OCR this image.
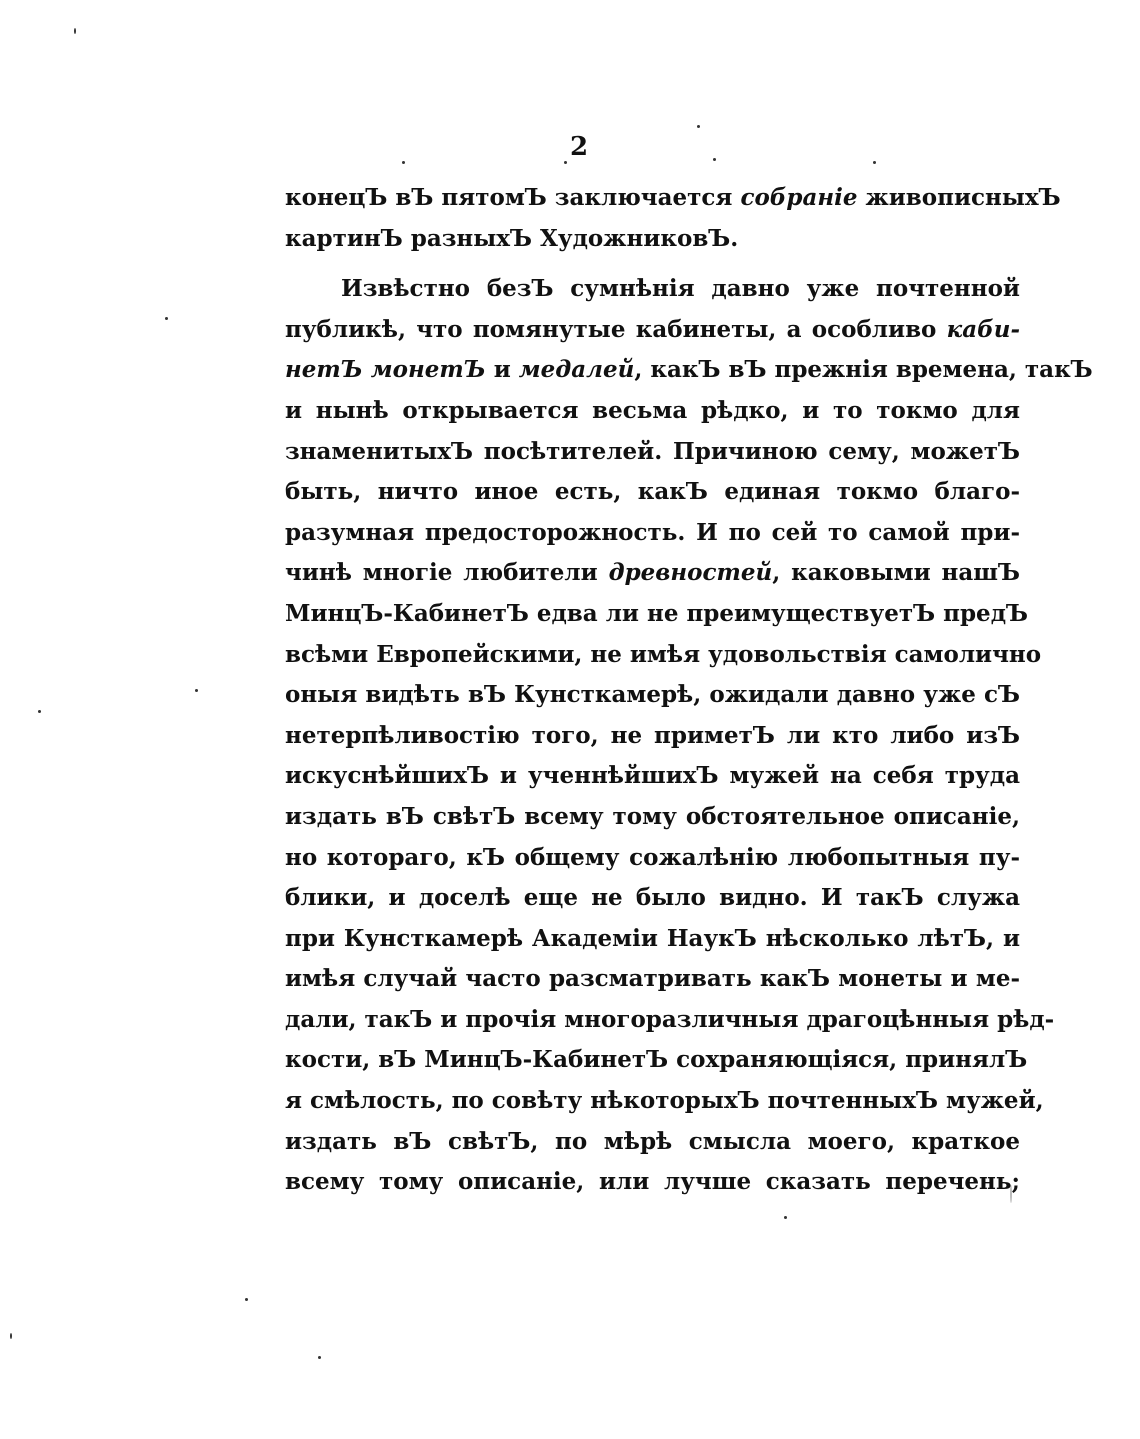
2
конецЪ вЪ пятомЪ заключается собраніе живописныхЪ
картинЪ разныхЪ ХудожниковЪ.
Извѣстно безЪ сумнѣнія давно уже почтенной
публикѣ, что помянутые кабинеты, а особливо каби-
нетЪ монетЪ и медалей, какЪ вЪ прежнія времена, такЪ
и нынѣ открывается весьма рѣдко, и то токмо для
знаменитыхЪ посѣтителей. Причиною сему, можетЪ
быть, ничто иное есть, какЪ единая токмо благо-
разумная предосторожность. И по сей то самой при-
чинѣ многіе любители древностей, каковыми нашЪ
МинцЪ-КабинетЪ едва ли не преимуществуетЪ предЪ
всѣми Европейскими, не имѣя удовольствія самолично
оныя видѣть вЪ Кунсткамерѣ, ожидали давно уже сЪ
нетерпѣливостію того, не приметЪ ли кто либо изЪ
искуснѣйшихЪ и ученнѣйшихЪ мужей на себя труда
издать вЪ свѣтЪ всему тому обстоятельное описаніе,
но котораго, кЪ общему сожалѣнію любопытныя пу-
блики, и доселѣ еще не было видно. И такЪ служа
при Кунсткамерѣ Академіи НаукЪ нѣсколько лѣтЪ, и
имѣя случай часто разсматривать какЪ монеты и ме-
дали, такЪ и прочія многоразличныя драгоцѣнныя рѣд-
кости, вЪ МинцЪ-КабинетЪ сохраняющіяся, принялЪ
я смѣлость, по совѣту нѣкоторыхЪ почтенныхЪ мужей,
издать вЪ свѣтЪ, по мѣрѣ смысла моего, краткое
всему тому описаніе, или лучше сказать перечень;
